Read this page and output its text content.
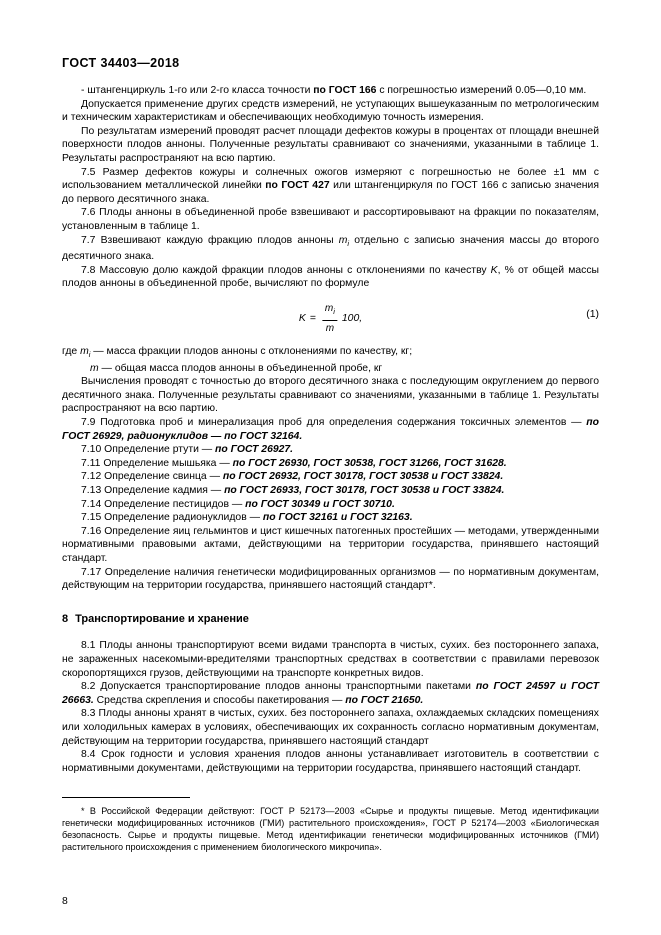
ГОСТ 34403—2018

- штангенциркуль 1-го или 2-го класса точности по ГОСТ 166 с погрешностью измерений 0.05—0,10 мм.

Допускается применение других средств измерений, не уступающих вышеуказанным по метрологическим и техническим характеристикам и обеспечивающих необходимую точность измерения.

По результатам измерений проводят расчет площади дефектов кожуры в процентах от площади внешней поверхности плодов анноны. Полученные результаты сравнивают со значениями, указанными в таблице 1. Результаты распространяют на всю партию.

7.5 Размер дефектов кожуры и солнечных ожогов измеряют с погрешностью не более ±1 мм с использованием металлической линейки по ГОСТ 427 или штангенциркуля по ГОСТ 166 с записью значения до первого десятичного знака.

7.6 Плоды анноны в объединенной пробе взвешивают и рассортировывают на фракции по показателям, установленным в таблице 1.

7.7 Взвешивают каждую фракцию плодов анноны $m_i$ отдельно с записью значения массы до второго десятичного знака.

7.8 Массовую долю каждой фракции плодов анноны с отклонениями по качеству K, % от общей массы плодов анноны в объединенной пробе, вычисляют по формуле

$K = \frac{m_i}{m} 100$,	(1)

где $m_i$ — масса фракции плодов анноны с отклонениями по качеству, кг;

m — общая масса плодов анноны в объединенной пробе, кг

Вычисления проводят с точностью до второго десятичного знака с последующим округлением до первого десятичного знака. Полученные результаты сравнивают со значениями, указанными в таблице 1. Результаты распространяют на всю партию.

7.9 Подготовка проб и минерализация проб для определения содержания токсичных элементов — по ГОСТ 26929, радионуклидов — по ГОСТ 32164.

7.10 Определение ртути — по ГОСТ 26927.

7.11 Определение мышьяка — по ГОСТ 26930, ГОСТ 30538, ГОСТ 31266, ГОСТ 31628.

7.12 Определение свинца — по ГОСТ 26932, ГОСТ 30178, ГОСТ 30538 и ГОСТ 33824.

7.13 Определение кадмия — по ГОСТ 26933, ГОСТ 30178, ГОСТ 30538 и ГОСТ 33824.

7.14 Определение пестицидов — по ГОСТ 30349 и ГОСТ 30710.

7.15 Определение радионуклидов — по ГОСТ 32161 и ГОСТ 32163.

7.16 Определение яиц гельминтов и цист кишечных патогенных простейших — методами, утвержденными нормативными правовыми актами, действующими на территории государства, принявшего настоящий стандарт.

7.17 Определение наличия генетически модифицированных организмов — по нормативным документам, действующим на территории государства, принявшего настоящий стандарт*.

8 Транспортирование и хранение

8.1 Плоды анноны транспортируют всеми видами транспорта в чистых, сухих. без постороннего запаха, не зараженных насекомыми-вредителями транспортных средствах в соответствии с правилами перевозок скоропортящихся грузов, действующими на транспорте конкретных видов.

8.2 Допускается транспортирование плодов анноны транспортными пакетами по ГОСТ 24597 и ГОСТ 26663. Средства скрепления и способы пакетирования — по ГОСТ 21650.

8.3 Плоды анноны хранят в чистых, сухих. без постороннего запаха, охлаждаемых складских помещениях или холодильных камерах в условиях, обеспечивающих их сохранность согласно нормативным документам, действующим на территории государства, принявшего настоящий стандарт

8.4 Срок годности и условия хранения плодов анноны устанавливает изготовитель в соответствии с нормативными документами, действующими на территории государства, принявшего настоящий стандарт.

* В Российской Федерации действуют: ГОСТ Р 52173—2003 «Сырье и продукты пищевые. Метод идентификации генетически модифицированных источников (ГМИ) растительного происхождения», ГОСТ Р 52174—2003 «Биологическая безопасность. Сырье и продукты пищевые. Метод идентификации генетически модифицированных источников (ГМИ) растительного происхождения с применением биологического микрочипа».

8
